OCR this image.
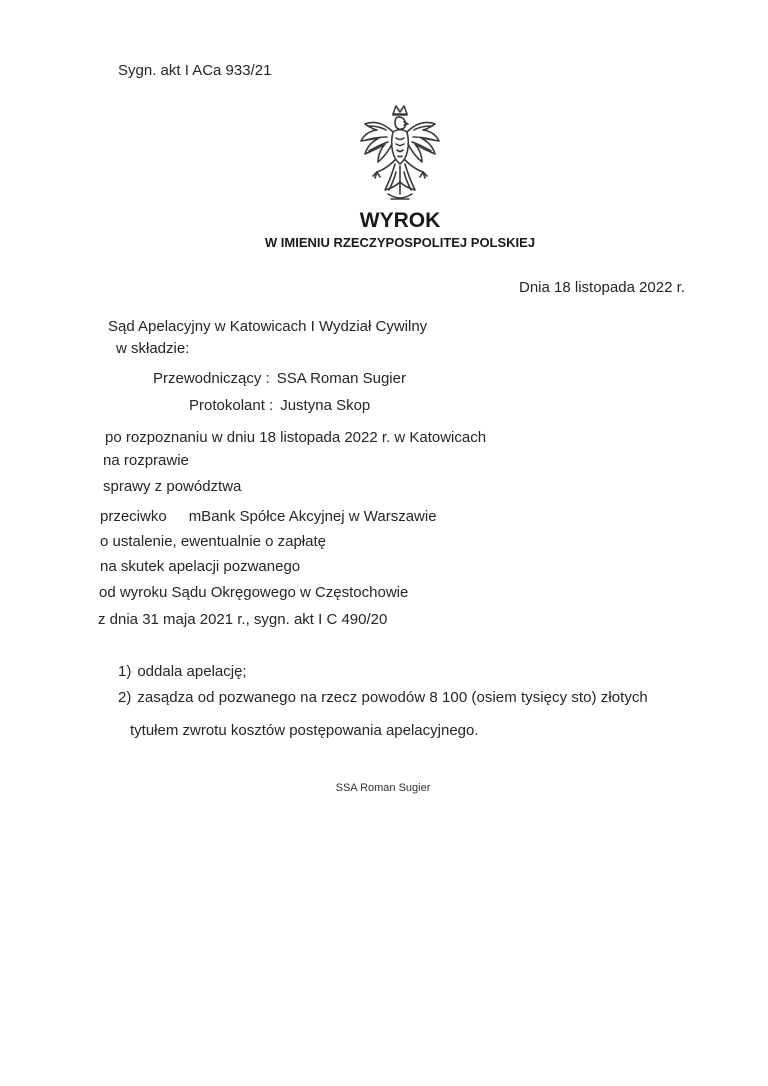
Sygn. akt I ACa 933/21
WYROK
W IMIENIU RZECZYPOSPOLITEJ POLSKIEJ
Dnia 18 listopada 2022 r.
Sąd Apelacyjny w Katowicach I Wydział Cywilny
w składzie:
Przewodniczący : SSA Roman Sugier
Protokolant : Justyna Skop
po rozpoznaniu w dniu 18 listopada 2022 r. w Katowicach
na rozprawie
sprawy z powództwa
przeciwko mBank Spółce Akcyjnej w Warszawie
o ustalenie, ewentualnie o zapłatę
na skutek apelacji pozwanego
od wyroku Sądu Okręgowego w Częstochowie
z dnia 31 maja 2021 r., sygn. akt I C 490/20
1) oddala apelację;
2) zasądza od pozwanego na rzecz powodów 8 100 (osiem tysięcy sto) złotych
tytułem zwrotu kosztów postępowania apelacyjnego.
SSA Roman Sugier
